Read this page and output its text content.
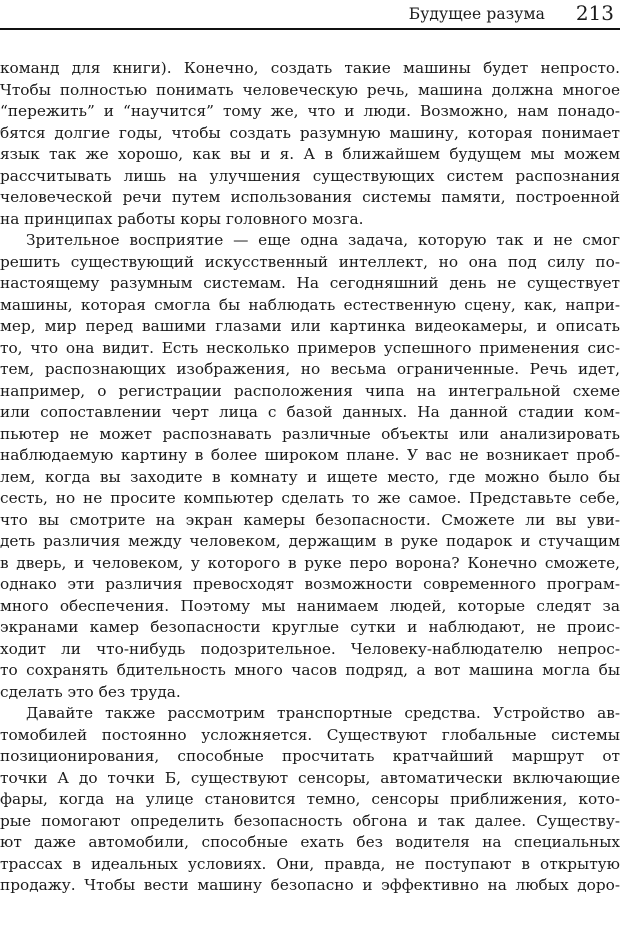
Будущее разума 213
команд для книги). Конечно, создать такие машины будет непросто.
Чтобы полностью понимать человеческую речь, машина должна многое
“пережить” и “научится” тому же, что и люди. Возможно, нам понадо-
бятся долгие годы, чтобы создать разумную машину, которая понимает
язык так же хорошо, как вы и я. А в ближайшем будущем мы можем
рассчитывать лишь на улучшения существующих систем распознания
человеческой речи путем использования системы памяти, построенной
на принципах работы коры головного мозга.
Зрительное восприятие — еще одна задача, которую так и не смог
решить существующий искусственный интеллект, но она под силу по-
настоящему разумным системам. На сегодняшний день не существует
машины, которая смогла бы наблюдать естественную сцену, как, напри-
мер, мир перед вашими глазами или картинка видеокамеры, и описать
то, что она видит. Есть несколько примеров успешного применения сис-
тем, распознающих изображения, но весьма ограниченные. Речь идет,
например, о регистрации расположения чипа на интегральной схеме
или сопоставлении черт лица с базой данных. На данной стадии ком-
пьютер не может распознавать различные объекты или анализировать
наблюдаемую картину в более широком плане. У вас не возникает проб-
лем, когда вы заходите в комнату и ищете место, где можно было бы
сесть, но не просите компьютер сделать то же самое. Представьте себе,
что вы смотрите на экран камеры безопасности. Сможете ли вы уви-
деть различия между человеком, держащим в руке подарок и стучащим
в дверь, и человеком, у которого в руке перо ворона? Конечно сможете,
однако эти различия превосходят возможности современного програм-
много обеспечения. Поэтому мы нанимаем людей, которые следят за
экранами камер безопасности круглые сутки и наблюдают, не проис-
ходит ли что-нибудь подозрительное. Человеку-наблюдателю непрос-
то сохранять бдительность много часов подряд, а вот машина могла бы
сделать это без труда.
Давайте также рассмотрим транспортные средства. Устройство ав-
томобилей постоянно усложняется. Существуют глобальные системы
позиционирования, способные просчитать кратчайший маршрут от
точки А до точки Б, существуют сенсоры, автоматически включающие
фары, когда на улице становится темно, сенсоры приближения, кото-
рые помогают определить безопасность обгона и так далее. Существу-
ют даже автомобили, способные ехать без водителя на специальных
трассах в идеальных условиях. Они, правда, не поступают в открытую
продажу. Чтобы вести машину безопасно и эффективно на любых доро-
